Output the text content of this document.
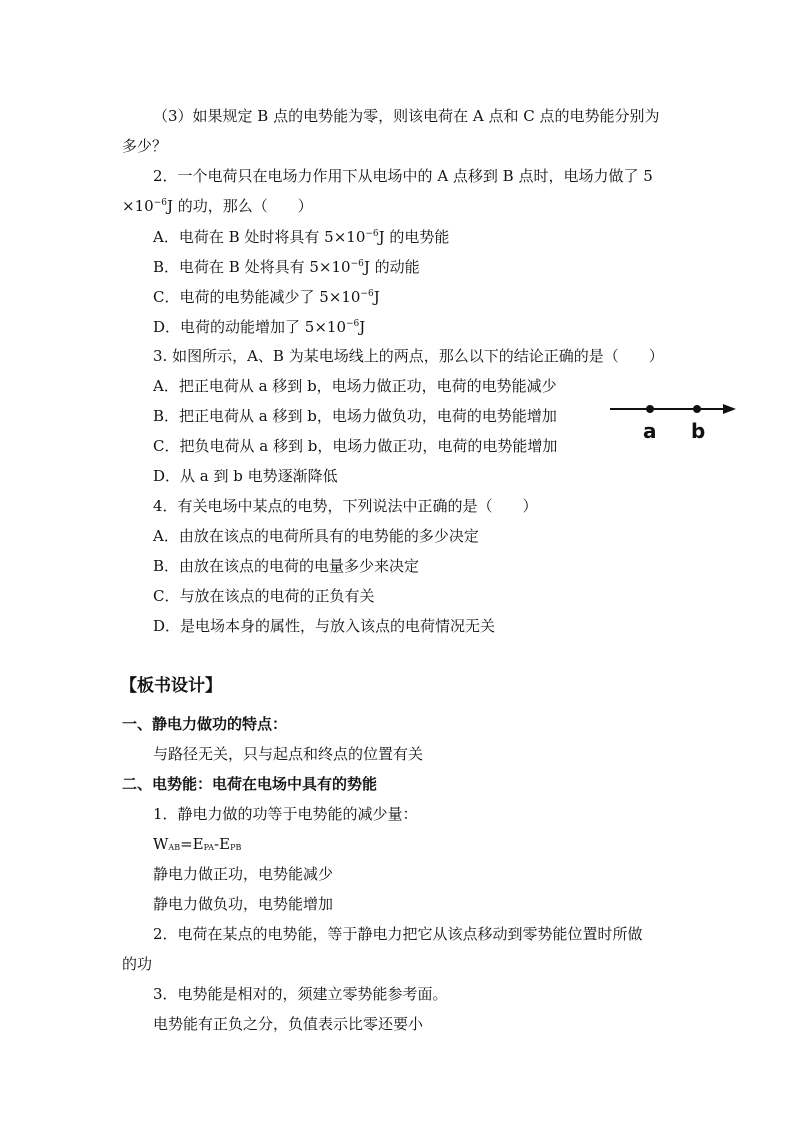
（3）如果规定 B 点的电势能为零，则该电荷在 A 点和 C 点的电势能分别为
多少？
2．一个电荷只在电场力作用下从电场中的 A 点移到 B 点时，电场力做了 5
$\times 10^{-6}J$ 的功，那么（　　）
A．电荷在 B 处时将具有 $5\times 10^{-6}J$ 的电势能
B．电荷在 B 处将具有 $5\times 10^{-6}J$ 的动能
C．电荷的电势能减少了 $5\times 10^{-6}J$
D．电荷的动能增加了 $5\times 10^{-6}J$
3. 如图所示，A、B 为某电场线上的两点，那么以下的结论正确的是（　　）
A．把正电荷从 a 移到 b，电场力做正功，电荷的电势能减少
B．把正电荷从 a 移到 b，电场力做负功，电荷的电势能增加
C．把负电荷从 a 移到 b，电场力做正功，电荷的电势能增加
D．从 a 到 b 电势逐渐降低
a b
4．有关电场中某点的电势，下列说法中正确的是（　　）
A．由放在该点的电荷所具有的电势能的多少决定
B．由放在该点的电荷的电量多少来决定
C．与放在该点的电荷的正负有关
D．是电场本身的属性，与放入该点的电荷情况无关
【板书设计】
一、静电力做功的特点：
与路径无关，只与起点和终点的位置有关
二、电势能：电荷在电场中具有的势能
1．静电力做的功等于电势能的减少量：
$W_{AB}=E_{PA}-E_{PB}$
静电力做正功，电势能减少
静电力做负功，电势能增加
2．电荷在某点的电势能，等于静电力把它从该点移动到零势能位置时所做
的功
3．电势能是相对的，须建立零势能参考面。
电势能有正负之分，负值表示比零还要小
